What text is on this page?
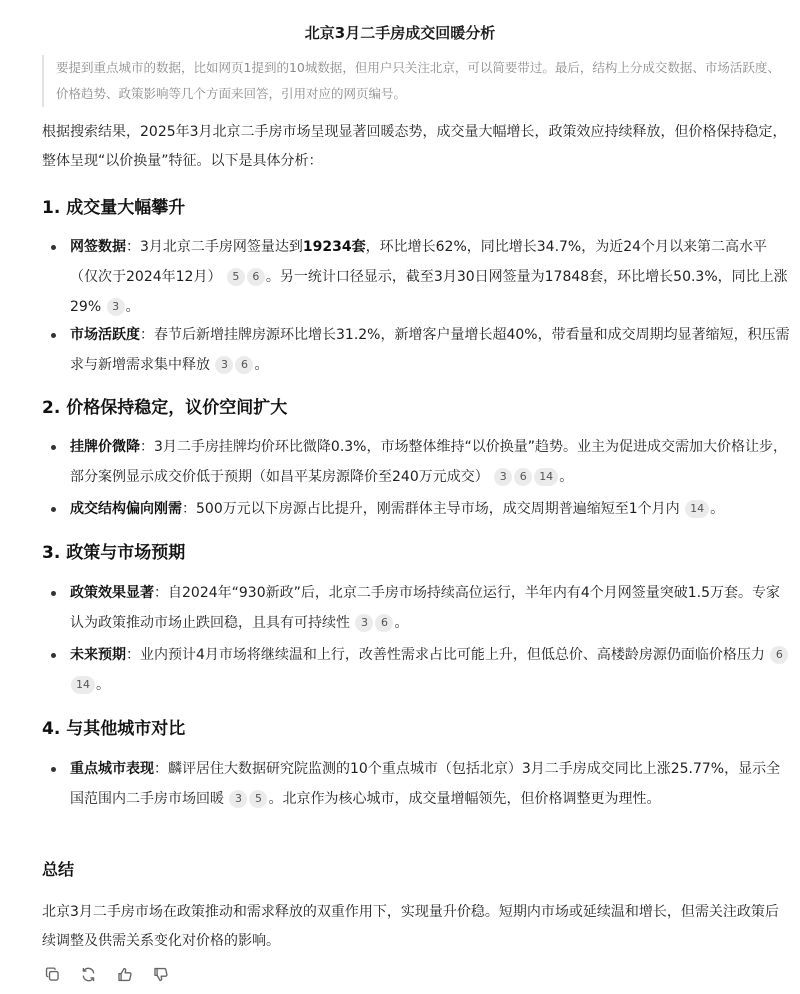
北京3月二手房成交回暖分析
要提到重点城市的数据，比如网页1提到的10城数据，但用户只关注北京，可以简要带过。最后，结构上分成交数据、市场活跃度、价格趋势、政策影响等几个方面来回答，引用对应的网页编号。
根据搜索结果，2025年3月北京二手房市场呈现显著回暖态势，成交量大幅增长，政策效应持续释放，但价格保持稳定，整体呈现“以价换量”特征。以下是具体分析：
1. 成交量大幅攀升
网签数据：3月北京二手房网签量达到19234套，环比增长62%，同比增长34.7%，为近24个月以来第二高水平（仅次于2024年12月） 5 6 。另一统计口径显示，截至3月30日网签量为17848套，环比增长50.3%，同比上涨29% 3 。
市场活跃度：春节后新增挂牌房源环比增长31.2%，新增客户量增长超40%，带看量和成交周期均显著缩短，积压需求与新增需求集中释放 3 6 。
2. 价格保持稳定，议价空间扩大
挂牌价微降：3月二手房挂牌均价环比微降0.3%，市场整体维持“以价换量”趋势。业主为促进成交需加大价格让步，部分案例显示成交价低于预期（如昌平某房源降价至240万元成交） 3 6 14 。
成交结构偏向刚需：500万元以下房源占比提升，刚需群体主导市场，成交周期普遍缩短至1个月内 14 。
3. 政策与市场预期
政策效果显著：自2024年“930新政”后，北京二手房市场持续高位运行，半年内有4个月网签量突破1.5万套。专家认为政策推动市场止跌回稳，且具有可持续性 3 6 。
未来预期：业内预计4月市场将继续温和上行，改善性需求占比可能上升，但低总价、高楼龄房源仍面临价格压力 614 。
4. 与其他城市对比
重点城市表现：麟评居住大数据研究院监测的10个重点城市（包括北京）3月二手房成交同比上涨25.77%，显示全国范围内二手房市场回暖 3 5 。北京作为核心城市，成交量增幅领先，但价格调整更为理性。
总结
北京3月二手房市场在政策推动和需求释放的双重作用下，实现量升价稳。短期内市场或延续温和增长，但需关注政策后续调整及供需关系变化对价格的影响。
